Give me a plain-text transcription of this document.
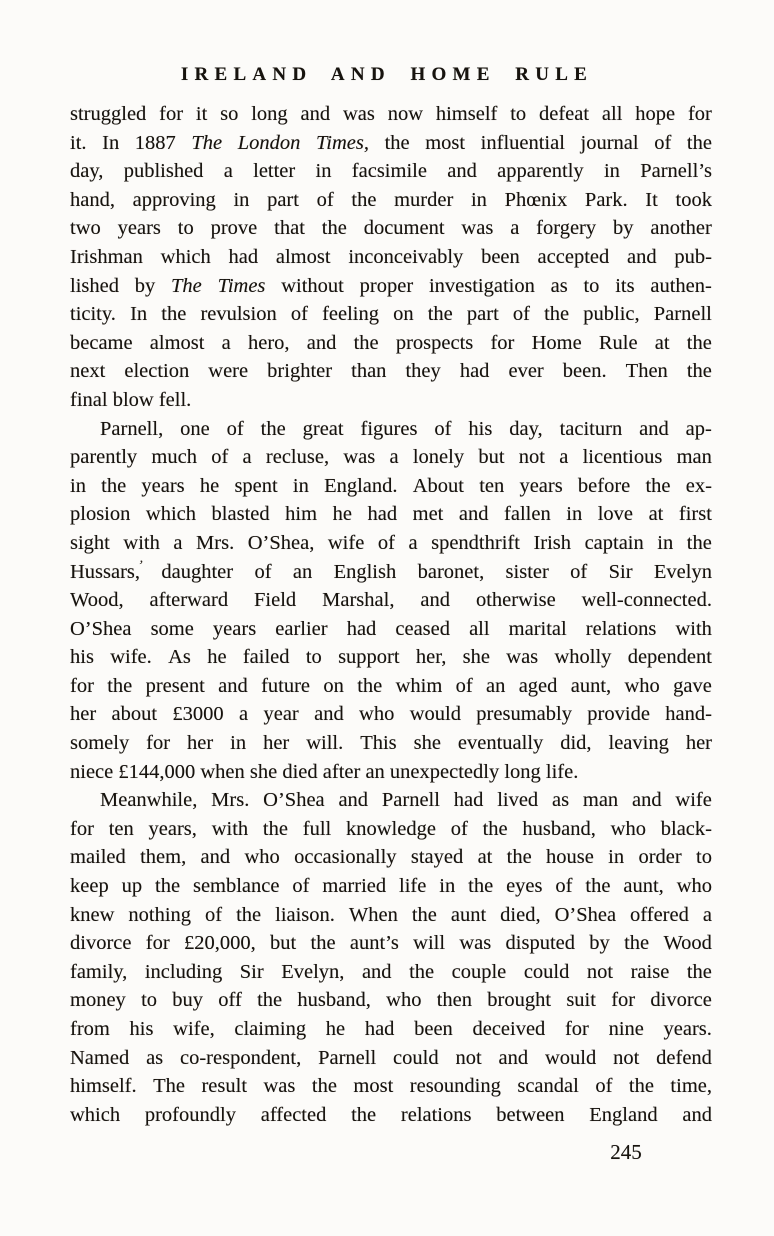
IRELAND AND HOME RULE
struggled for it so long and was now himself to defeat all hope for
it. In 1887 The London Times, the most influential journal of the
day, published a letter in facsimile and apparently in Parnell’s
hand, approving in part of the murder in Phœnix Park. It took
two years to prove that the document was a forgery by another
Irishman which had almost inconceivably been accepted and pub-
lished by The Times without proper investigation as to its authen-
ticity. In the revulsion of feeling on the part of the public, Parnell
became almost a hero, and the prospects for Home Rule at the
next election were brighter than they had ever been. Then the
final blow fell.
Parnell, one of the great figures of his day, taciturn and ap-
parently much of a recluse, was a lonely but not a licentious man
in the years he spent in England. About ten years before the ex-
plosion which blasted him he had met and fallen in love at first
sight with a Mrs. O’Shea, wife of a spendthrift Irish captain in the
Hussars, daughter of an English baronet, sister of Sir Evelyn
Wood, afterward Field Marshal, and otherwise well-connected.
O’Shea some years earlier had ceased all marital relations with
his wife. As he failed to support her, she was wholly dependent
for the present and future on the whim of an aged aunt, who gave
her about £3000 a year and who would presumably provide hand-
somely for her in her will. This she eventually did, leaving her
niece £144,000 when she died after an unexpectedly long life.
Meanwhile, Mrs. O’Shea and Parnell had lived as man and wife
for ten years, with the full knowledge of the husband, who black-
mailed them, and who occasionally stayed at the house in order to
keep up the semblance of married life in the eyes of the aunt, who
knew nothing of the liaison. When the aunt died, O’Shea offered a
divorce for £20,000, but the aunt’s will was disputed by the Wood
family, including Sir Evelyn, and the couple could not raise the
money to buy off the husband, who then brought suit for divorce
from his wife, claiming he had been deceived for nine years.
Named as co-respondent, Parnell could not and would not defend
himself. The result was the most resounding scandal of the time,
which profoundly affected the relations between England and
,
245
